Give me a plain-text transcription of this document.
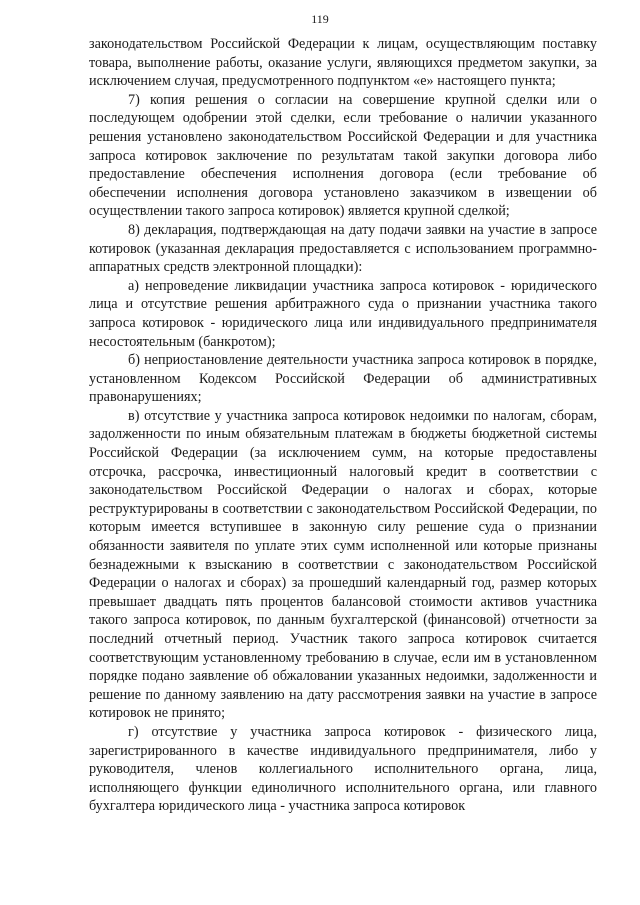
119

законодательством Российской Федерации к лицам, осуществляющим поставку товара, выполнение работы, оказание услуги, являющихся предметом закупки, за исключением случая, предусмотренного подпунктом «е» настоящего пункта;

7) копия решения о согласии на совершение крупной сделки или о последующем одобрении этой сделки, если требование о наличии указанного решения установлено законодательством Российской Федерации и для участника запроса котировок заключение по результатам такой закупки договора либо предоставление обеспечения исполнения договора (если требование об обеспечении исполнения договора установлено заказчиком в извещении об осуществлении такого запроса котировок) является крупной сделкой;

8) декларация, подтверждающая на дату подачи заявки на участие в запросе котировок (указанная декларация предоставляется с использованием программно-аппаратных средств электронной площадки):

а) непроведение ликвидации участника запроса котировок - юридического лица и отсутствие решения арбитражного суда о признании участника такого запроса котировок - юридического лица или индивидуального предпринимателя несостоятельным (банкротом);

б) неприостановление деятельности участника запроса котировок в порядке, установленном Кодексом Российской Федерации об административных правонарушениях;

в) отсутствие у участника запроса котировок недоимки по налогам, сборам, задолженности по иным обязательным платежам в бюджеты бюджетной системы Российской Федерации (за исключением сумм, на которые предоставлены отсрочка, рассрочка, инвестиционный налоговый кредит в соответствии с законодательством Российской Федерации о налогах и сборах, которые реструктурированы в соответствии с законодательством Российской Федерации, по которым имеется вступившее в законную силу решение суда о признании обязанности заявителя по уплате этих сумм исполненной или которые признаны безнадежными к взысканию в соответствии с законодательством Российской Федерации о налогах и сборах) за прошедший календарный год, размер которых превышает двадцать пять процентов балансовой стоимости активов участника такого запроса котировок, по данным бухгалтерской (финансовой) отчетности за последний отчетный период. Участник такого запроса котировок считается соответствующим установленному требованию в случае, если им в установленном порядке подано заявление об обжаловании указанных недоимки, задолженности и решение по данному заявлению на дату рассмотрения заявки на участие в запросе котировок не принято;

г) отсутствие у участника запроса котировок - физического лица, зарегистрированного в качестве индивидуального предпринимателя, либо у руководителя, членов коллегиального исполнительного органа, лица, исполняющего функции единоличного исполнительного органа, или главного бухгалтера юридического лица - участника запроса котировок
